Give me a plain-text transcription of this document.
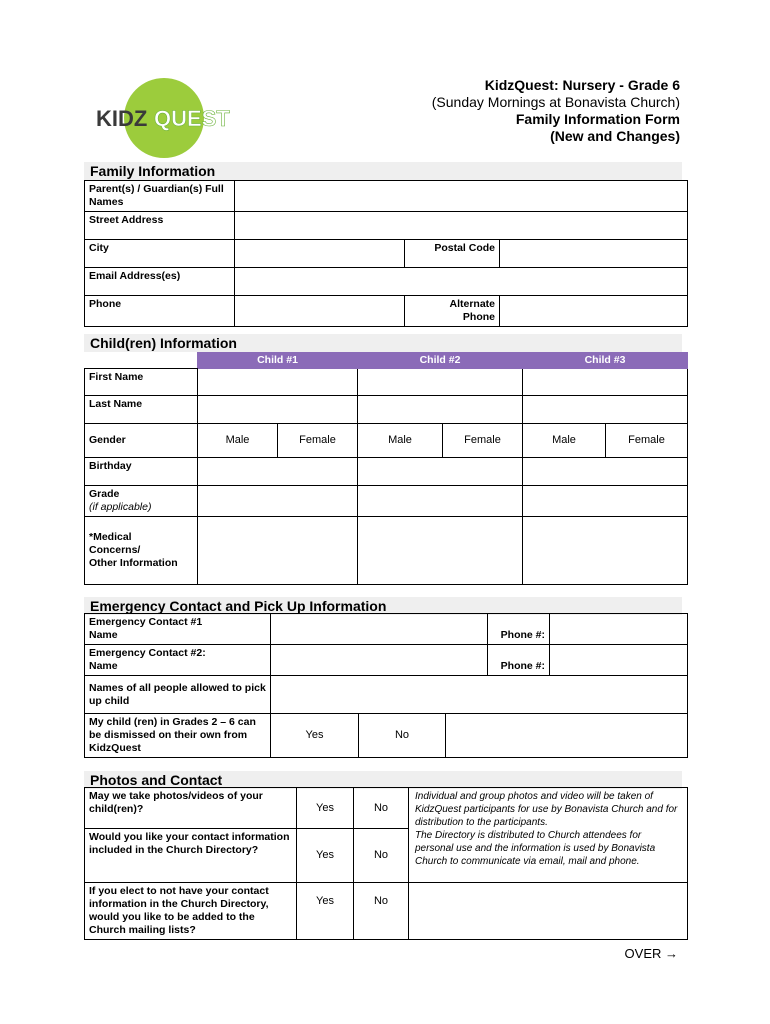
KIDZ QUEST
KidzQuest: Nursery - Grade 6
(Sunday Mornings at Bonavista Church)
Family Information Form
(New and Changes)
Family Information
Parent(s) / Guardian(s) Full Names			
Street Address			
City		Postal Code	
Email Address(es)			
Phone		Alternate
Phone	
Child(ren) Information
	Child #1		Child #2		Child #3	
First Name						
Last Name						
Gender	Male	Female	Male	Female	Male	Female
Birthday						
Grade
(if applicable)						
*Medical
Concerns/
Other Information						
Emergency Contact and Pick Up Information
Emergency Contact #1
Name				Phone #:	
Emergency Contact #2:
Name				Phone #:	
Names of all people allowed to pick up child					
My child (ren) in Grades 2 – 6 can be dismissed on their own from KidzQuest	Yes	No			
Photos and Contact
May we take photos/videos of your child(ren)?	Yes	No	Individual and group photos and video will be taken of KidzQuest participants for use by Bonavista Church and for distribution to the participants.
The Directory is distributed to Church attendees for personal use and the information is used by Bonavista Church to communicate via email, mail and phone.
Would you like your contact information included in the Church Directory?	Yes	No	
If you elect to not have your contact information in the Church Directory, would you like to be added to the Church mailing lists?	Yes	No	
OVER →
